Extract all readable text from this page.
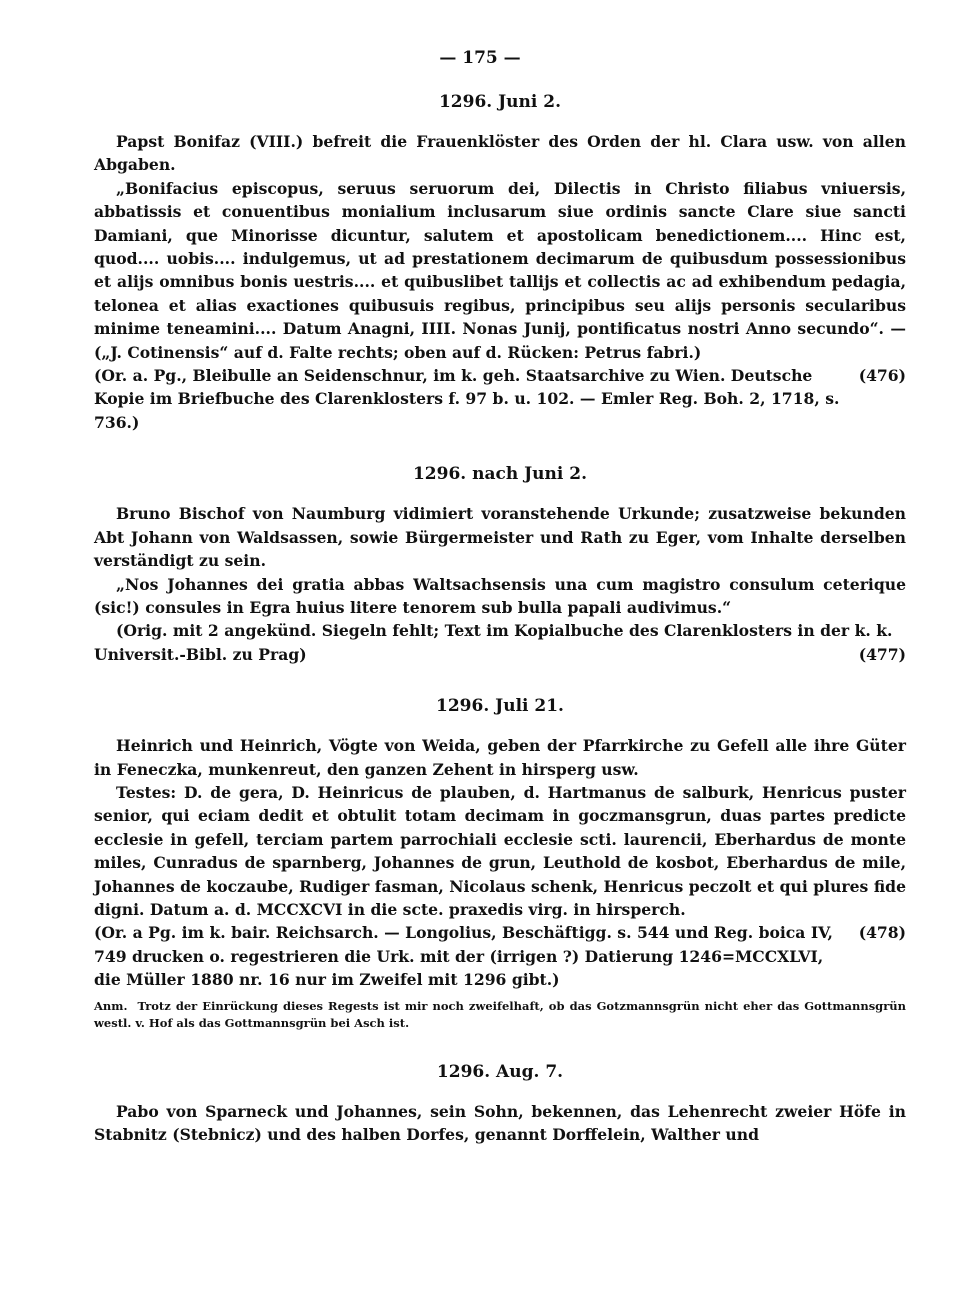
— 175 —
1296. Juni 2.

Papst Bonifaz (VIII.) befreit die Frauenklöster des Orden der hl. Clara usw. von allen Abgaben.

„Bonifacius episcopus, seruus seruorum dei, Dilectis in Christo filiabus vniuersis, abbatissis et conuentibus monialium inclusarum siue ordinis sancte Clare siue sancti Damiani, que Minorisse dicuntur, salutem et apostolicam benedictionem.... Hinc est, quod.... uobis.... indulgemus, ut ad prestationem decimarum de quibusdum possessionibus et alijs omnibus bonis uestris.... et quibuslibet tallijs et collectis ac ad exhibendum pedagia, telonea et alias exactiones quibusuis regibus, principibus seu alijs personis secularibus minime teneamini.... Datum Anagni, IIII. Nonas Junij, pontificatus nostri Anno secundo“. — („J. Cotinensis“ auf d. Falte rechts; oben auf d. Rücken: Petrus fabri.)

(Or. a. Pg., Bleibulle an Seidenschnur, im k. geh. Staatsarchive zu Wien. Deutsche Kopie im Briefbuche des Clarenklosters f. 97 b. u. 102. — Emler Reg. Boh. 2, 1718, s. 736.)
(476)
1296. nach Juni 2.

Bruno Bischof von Naumburg vidimiert voranstehende Urkunde; zusatzweise bekunden Abt Johann von Waldsassen, sowie Bürgermeister und Rath zu Eger, vom Inhalte derselben verständigt zu sein.

„Nos Johannes dei gratia abbas Waltsachsensis una cum magistro consulum ceterique (sic!) consules in Egra huius litere tenorem sub bulla papali audivimus.“

(Orig. mit 2 angekünd. Siegeln fehlt; Text im Kopialbuche des Clarenklosters in der k. k.

Universit.-Bibl. zu Prag)	(477)
1296. Juli 21.

Heinrich und Heinrich, Vögte von Weida, geben der Pfarrkirche zu Gefell alle ihre Güter in Feneczka, munkenreut, den ganzen Zehent in hirsperg usw.

Testes: D. de gera, D. Heinricus de plauben, d. Hartmanus de salburk, Henricus puster senior, qui eciam dedit et obtulit totam decimam in goczmansgrun, duas partes predicte ecclesie in gefell, terciam partem parrochiali ecclesie scti. laurencii, Eberhardus de monte miles, Cunradus de sparnberg, Johannes de grun, Leuthold de kosbot, Eberhardus de mile, Johannes de koczaube, Rudiger fasman, Nicolaus schenk, Henricus peczolt et qui plures fide digni. Datum a. d. MCCXCVI in die scte. praxedis virg. in hirsperch.

(Or. a Pg. im k. bair. Reichsarch. — Longolius, Beschäftigg. s. 544 und Reg. boica IV, 749 drucken o. regestrieren die Urk. mit der (irrigen ?) Datierung 1246=MCCXLVI, die Müller 1880 nr. 16 nur im Zweifel mit 1296 gibt.)
(478)

Anm. Trotz der Einrückung dieses Regests ist mir noch zweifelhaft, ob das Gotzmannsgrün nicht eher das Gottmannsgrün westl. v. Hof als das Gottmannsgrün bei Asch ist.

1296. Aug. 7.

Pabo von Sparneck und Johannes, sein Sohn, bekennen, das Lehenrecht zweier Höfe in Stabnitz (Stebnicz) und des halben Dorfes, genannt Dorffelein, Walther und
